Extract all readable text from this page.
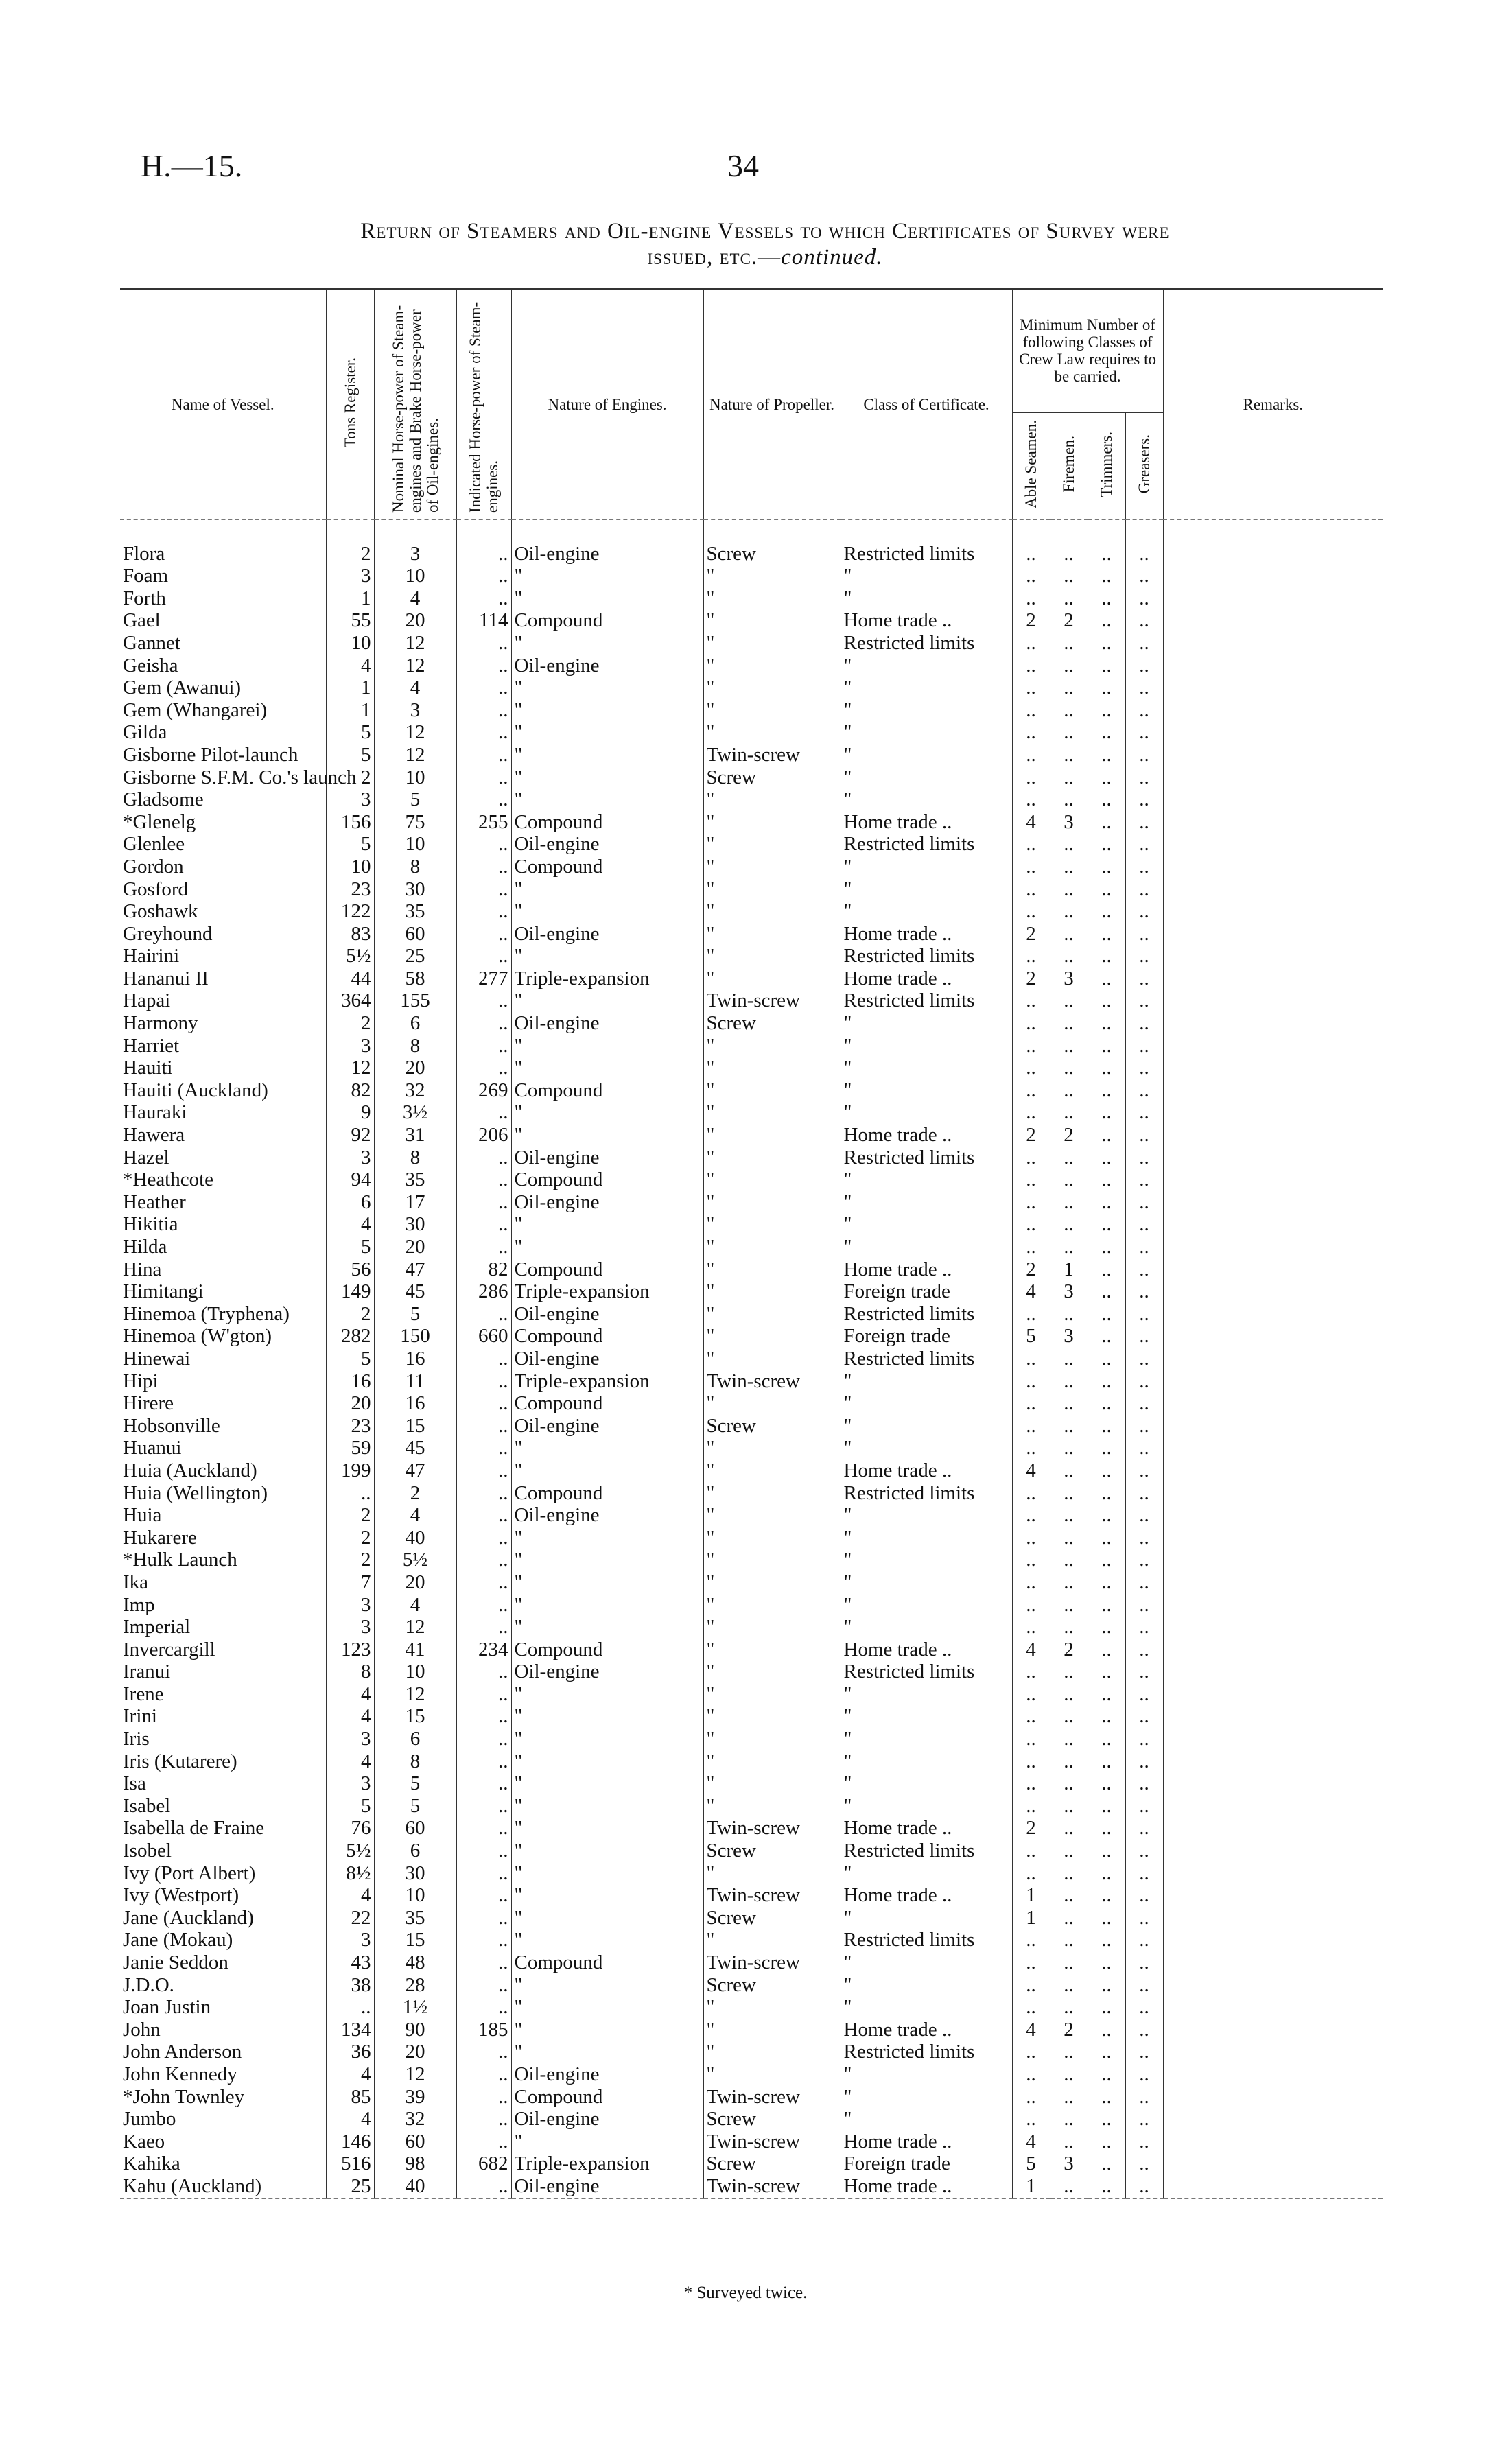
H.—15.	34
Return of Steamers and Oil-engine Vessels to which Certificates of Survey were
issued, etc.—continued.
Name of Vessel.	Tons Register.	Nominal Horse-power of Steam-engines and Brake Horse-power of Oil-engines.	Indicated Horse-power of Steam-engines.	Nature of Engines.	Nature of Propeller.	Class of Certificate.	Minimum Number of following Classes of Crew Law requires to be carried.				Remarks.
							Able Seamen.	Firemen.	Trimmers.	Greasers.	

Flora	2	3	..	Oil-engine	Screw	Restricted limits	..	..	..	..	
Foam	3	10	..	"	"	"	..	..	..	..	
Forth	1	4	..	"	"	"	..	..	..	..	
Gael	55	20	114	Compound	"	Home trade ..	2	2	..	..	
Gannet	10	12	..	"	"	Restricted limits	..	..	..	..	
Geisha	4	12	..	Oil-engine	"	"	..	..	..	..	
Gem (Awanui)	1	4	..	"	"	"	..	..	..	..	
Gem (Whangarei)	1	3	..	"	"	"	..	..	..	..	
Gilda	5	12	..	"	"	"	..	..	..	..	
Gisborne Pilot-launch	5	12	..	"	Twin-screw	"	..	..	..	..	
Gisborne S.F.M. Co.'s launch	2	10	..	"	Screw	"	..	..	..	..	
Gladsome	3	5	..	"	"	"	..	..	..	..	
*Glenelg	156	75	255	Compound	"	Home trade ..	4	3	..	..	
Glenlee	5	10	..	Oil-engine	"	Restricted limits	..	..	..	..	
Gordon	10	8	..	Compound	"	"	..	..	..	..	
Gosford	23	30	..	"	"	"	..	..	..	..	
Goshawk	122	35	..	"	"	"	..	..	..	..	
Greyhound	83	60	..	Oil-engine	"	Home trade ..	2	..	..	..	
Hairini	5½	25	..	"	"	Restricted limits	..	..	..	..	
Hananui II	44	58	277	Triple-expansion	"	Home trade ..	2	3	..	..	
Hapai	364	155	..	"	Twin-screw	Restricted limits	..	..	..	..	
Harmony	2	6	..	Oil-engine	Screw	"	..	..	..	..	
Harriet	3	8	..	"	"	"	..	..	..	..	
Hauiti	12	20	..	"	"	"	..	..	..	..	
Hauiti (Auckland)	82	32	269	Compound	"	"	..	..	..	..	
Hauraki	9	3½	..	"	"	"	..	..	..	..	
Hawera	92	31	206	"	"	Home trade ..	2	2	..	..	
Hazel	3	8	..	Oil-engine	"	Restricted limits	..	..	..	..	
*Heathcote	94	35	..	Compound	"	"	..	..	..	..	
Heather	6	17	..	Oil-engine	"	"	..	..	..	..	
Hikitia	4	30	..	"	"	"	..	..	..	..	
Hilda	5	20	..	"	"	"	..	..	..	..	
Hina	56	47	82	Compound	"	Home trade ..	2	1	..	..	
Himitangi	149	45	286	Triple-expansion	"	Foreign trade	4	3	..	..	
Hinemoa (Tryphena)	2	5	..	Oil-engine	"	Restricted limits	..	..	..	..	
Hinemoa (W'gton)	282	150	660	Compound	"	Foreign trade	5	3	..	..	
Hinewai	5	16	..	Oil-engine	"	Restricted limits	..	..	..	..	
Hipi	16	11	..	Triple-expansion	Twin-screw	"	..	..	..	..	
Hirere	20	16	..	Compound	"	"	..	..	..	..	
Hobsonville	23	15	..	Oil-engine	Screw	"	..	..	..	..	
Huanui	59	45	..	"	"	"	..	..	..	..	
Huia (Auckland)	199	47	..	"	"	Home trade ..	4	..	..	..	
Huia (Wellington)	..	2	..	Compound	"	Restricted limits	..	..	..	..	
Huia	2	4	..	Oil-engine	"	"	..	..	..	..	
Hukarere	2	40	..	"	"	"	..	..	..	..	
*Hulk Launch	2	5½	..	"	"	"	..	..	..	..	
Ika	7	20	..	"	"	"	..	..	..	..	
Imp	3	4	..	"	"	"	..	..	..	..	
Imperial	3	12	..	"	"	"	..	..	..	..	
Invercargill	123	41	234	Compound	"	Home trade ..	4	2	..	..	
Iranui	8	10	..	Oil-engine	"	Restricted limits	..	..	..	..	
Irene	4	12	..	"	"	"	..	..	..	..	
Irini	4	15	..	"	"	"	..	..	..	..	
Iris	3	6	..	"	"	"	..	..	..	..	
Iris (Kutarere)	4	8	..	"	"	"	..	..	..	..	
Isa	3	5	..	"	"	"	..	..	..	..	
Isabel	5	5	..	"	"	"	..	..	..	..	
Isabella de Fraine	76	60	..	"	Twin-screw	Home trade ..	2	..	..	..	
Isobel	5½	6	..	"	Screw	Restricted limits	..	..	..	..	
Ivy (Port Albert)	8½	30	..	"	"	"	..	..	..	..	
Ivy (Westport)	4	10	..	"	Twin-screw	Home trade ..	1	..	..	..	
Jane (Auckland)	22	35	..	"	Screw	"	1	..	..	..	
Jane (Mokau)	3	15	..	"	"	Restricted limits	..	..	..	..	
Janie Seddon	43	48	..	Compound	Twin-screw	"	..	..	..	..	
J.D.O.	38	28	..	"	Screw	"	..	..	..	..	
Joan Justin	..	1½	..	"	"	"	..	..	..	..	
John	134	90	185	"	"	Home trade ..	4	2	..	..	
John Anderson	36	20	..	"	"	Restricted limits	..	..	..	..	
John Kennedy	4	12	..	Oil-engine	"	"	..	..	..	..	
*John Townley	85	39	..	Compound	Twin-screw	"	..	..	..	..	
Jumbo	4	32	..	Oil-engine	Screw	"	..	..	..	..	
Kaeo	146	60	..	"	Twin-screw	Home trade ..	4	..	..	..	
Kahika	516	98	682	Triple-expansion	Screw	Foreign trade	5	3	..	..	
Kahu (Auckland)	25	40	..	Oil-engine	Twin-screw	Home trade ..	1	..	..	..	
* Surveyed twice.
